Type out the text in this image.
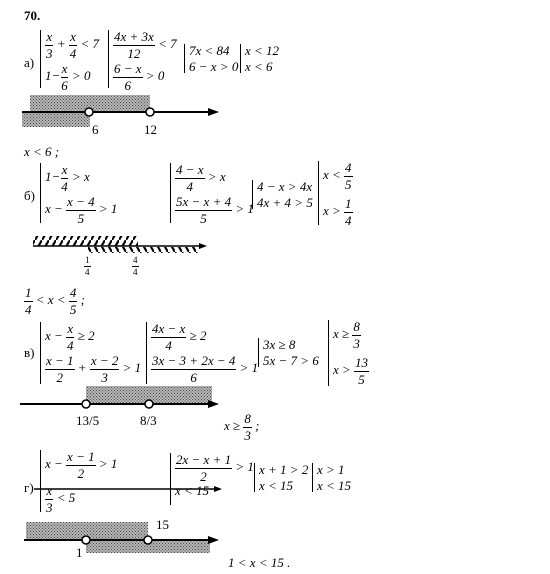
70.
а)
$\frac{x}{3} + \frac{x}{4} < 7$
$1- \frac{x}{6} > 0$
$\frac{4x + 3x}{12} < 7$
$\frac{6 - x}{6} > 0$
7x < 84
6 − x > 0
x < 12
x < 6
6	12
x < 6 ;
б)
$1- \frac{x}{4} > x$
$x - \frac{x - 4}{5} > 1$
$\frac{4 - x}{4} > x$
$\frac{5x - x + 4}{5} > 1$
4 − x > 4x
4x + 4 > 5
$x < \frac{4}{5}$
$x > \frac{1}{4}$
$\frac{1}{4}$	$\frac{4}{4}$
$\frac{1}{4} < x < \frac{4}{5}$ ;
в)
$x - \frac{x}{4} \ge 2$
$\frac{x - 1}{2} + \frac{x - 2}{3} > 1$
$\frac{4x - x}{4} \ge 2$
$\frac{3x - 3 + 2x - 4}{6} > 1$
3x ≥ 8
5x − 7 > 6
$x \ge \frac{8}{3}$
$x > \frac{13}{5}$
13/5	8/3	$x \ge \frac{8}{3}$ ;
г)
$x - \frac{x - 1}{2} > 1$
$\frac{x}{3} < 5$
$\frac{2x - x + 1}{2} > 1$
x < 15
x + 1 > 2
x < 15
x > 1
x < 15
1
15
1 < x < 15 .
